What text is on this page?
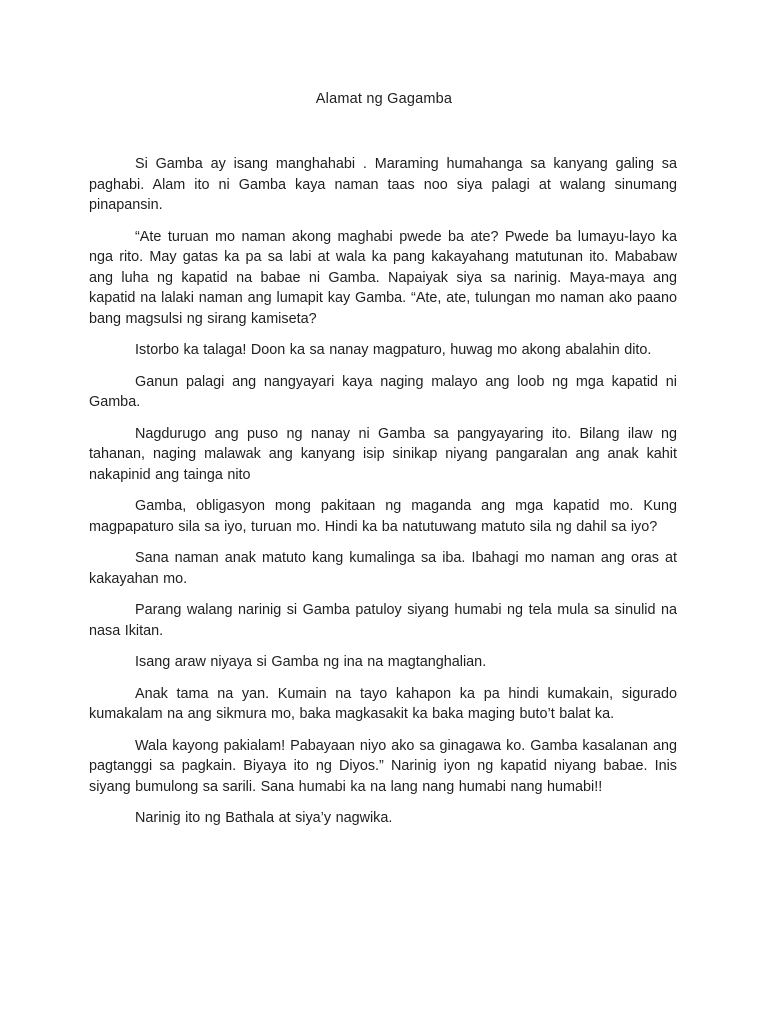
Alamat ng Gagamba

Si Gamba ay isang manghahabi . Maraming humahanga sa kanyang galing sa paghabi. Alam ito ni Gamba kaya naman taas noo siya palagi at walang sinumang pinapansin.

“Ate turuan mo naman akong maghabi pwede ba ate? Pwede ba lumayu-layo ka nga rito. May gatas ka pa sa labi at wala ka pang kakayahang matutunan ito. Mababaw ang luha ng kapatid na babae ni Gamba. Napaiyak siya sa narinig. Maya-maya ang kapatid na lalaki naman ang lumapit kay Gamba. “Ate, ate, tulungan mo naman ako paano bang magsulsi ng sirang kamiseta?

Istorbo ka talaga! Doon ka sa nanay magpaturo, huwag mo akong abalahin dito.

Ganun palagi ang nangyayari kaya naging malayo ang loob ng mga kapatid ni Gamba.

Nagdurugo ang puso ng nanay ni Gamba sa pangyayaring ito. Bilang ilaw ng tahanan, naging malawak ang kanyang isip sinikap niyang pangaralan ang anak kahit nakapinid ang tainga nito

Gamba, obligasyon mong pakitaan ng maganda ang mga kapatid mo. Kung magpapaturo sila sa iyo, turuan mo. Hindi ka ba natutuwang matuto sila ng dahil sa iyo?

Sana naman anak matuto kang kumalinga sa iba. Ibahagi mo naman ang oras at kakayahan mo.

Parang walang narinig si Gamba patuloy siyang humabi ng tela mula sa sinulid na nasa Ikitan.

Isang araw niyaya si Gamba ng ina na magtanghalian.

Anak tama na yan. Kumain na tayo kahapon ka pa hindi kumakain, sigurado kumakalam na ang sikmura mo, baka magkasakit ka baka maging buto’t balat ka.

Wala kayong pakialam! Pabayaan niyo ako sa ginagawa ko. Gamba kasalanan ang pagtanggi sa pagkain. Biyaya ito ng Diyos.” Narinig iyon ng kapatid niyang babae. Inis siyang bumulong sa sarili. Sana humabi ka na lang nang humabi nang humabi!!

Narinig ito ng Bathala at siya’y nagwika.
